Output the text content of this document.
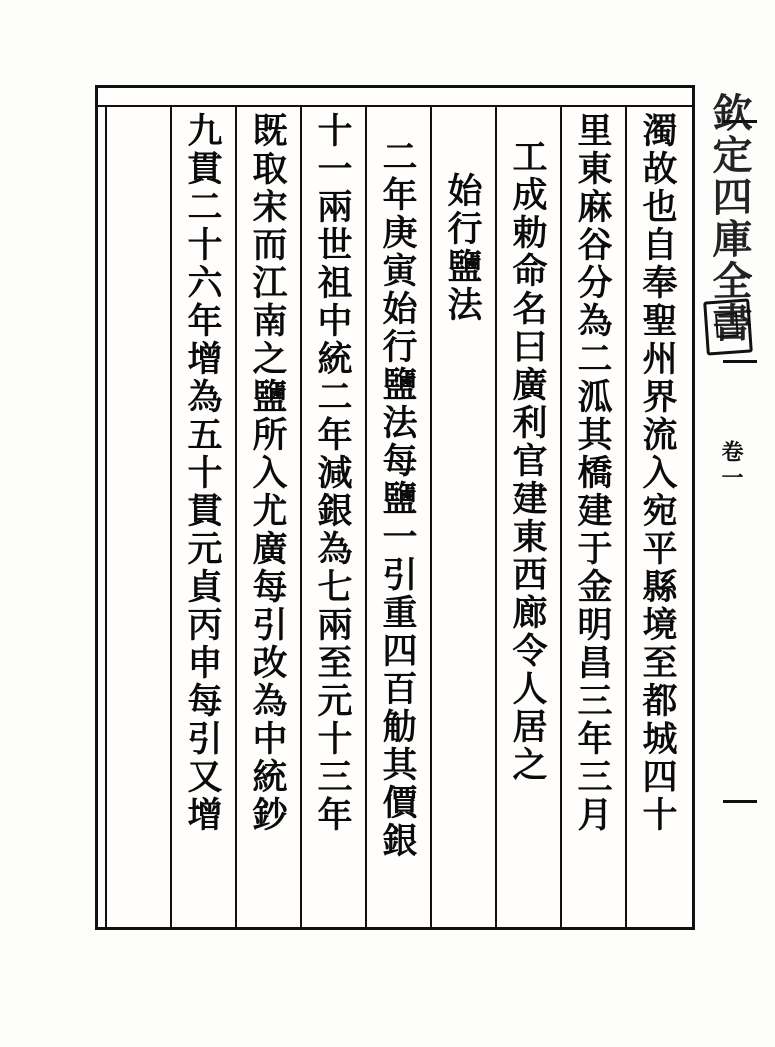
濁故也自奉聖州界流入宛平縣境至都城四十
里東麻谷分為二泒其橋建于金明昌三年三月
工成勅命名曰廣利官建東西廊令人居之
始行鹽法
二年庚寅始行鹽法每鹽一引重四百觔其價銀
十一兩世祖中統二年減銀為七兩至元十三年
既取宋而江南之鹽所入尤廣每引改為中統鈔
九貫二十六年增為五十貫元貞丙申每引又增	欽定四庫全書
卷一
